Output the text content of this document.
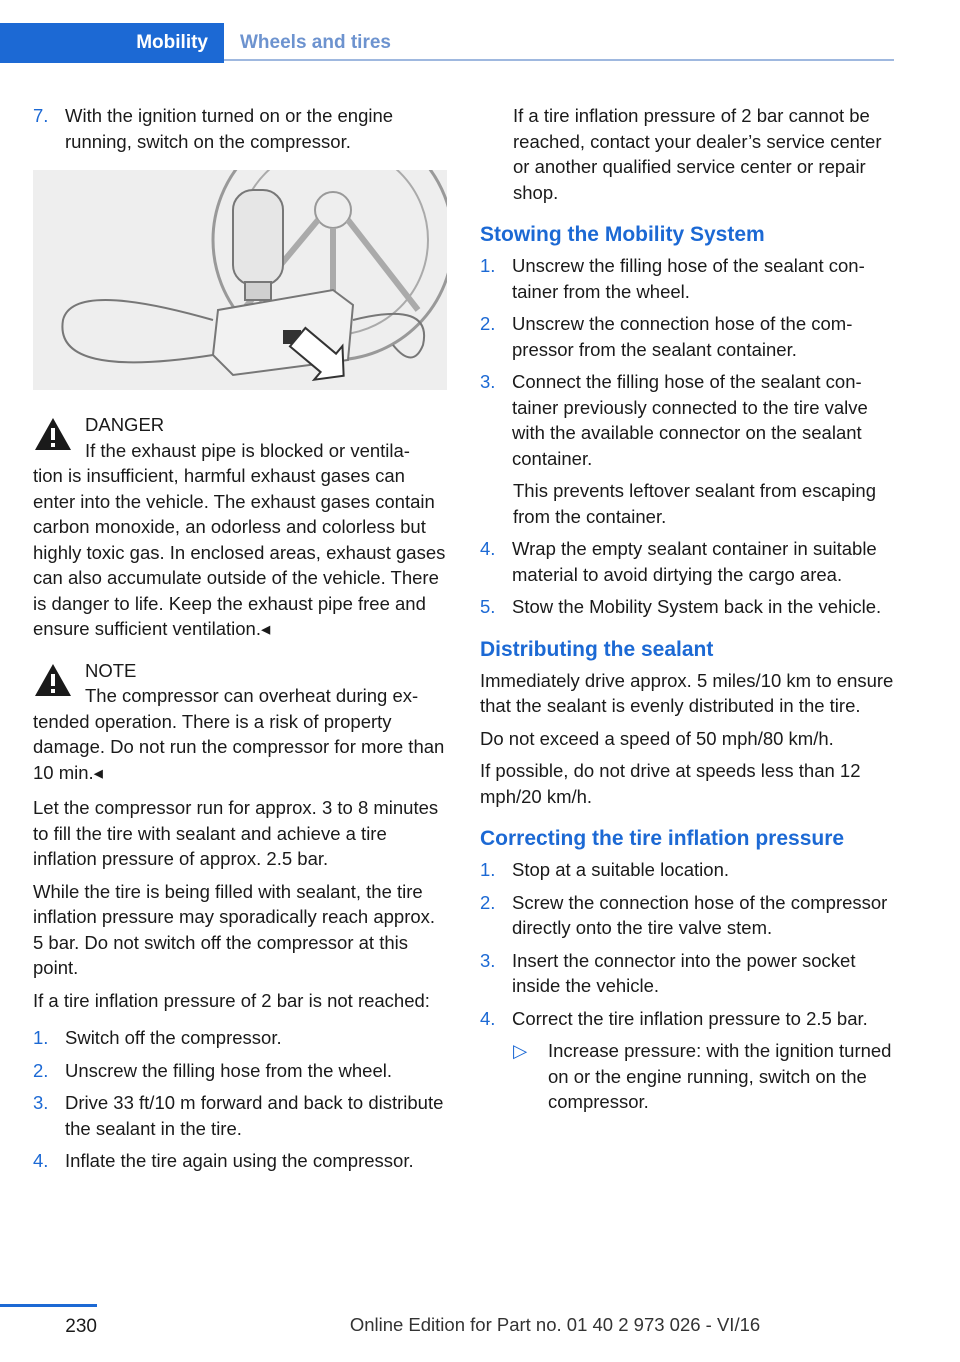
Mobility	Wheels and tires
7. With the ignition turned on or the engine running, switch on the compressor.
DANGER
If the exhaust pipe is blocked or ventila-
tion is insufficient, harmful exhaust gases can enter into the vehicle. The exhaust gases contain carbon monoxide, an odorless and colorless but highly toxic gas. In enclosed areas, exhaust gases can also accumulate outside of the vehicle. There is danger to life. Keep the exhaust pipe free and ensure sufficient ventilation.◂
NOTE
The compressor can overheat during ex-
tended operation. There is a risk of property damage. Do not run the compressor for more than 10 min.◂

Let the compressor run for approx. 3 to 8 minutes to fill the tire with sealant and achieve a tire inflation pressure of approx. 2.5 bar.

While the tire is being filled with sealant, the tire inflation pressure may sporadically reach approx. 5 bar. Do not switch off the compressor at this point.

If a tire inflation pressure of 2 bar is not reached:

1. Switch off the compressor.
2. Unscrew the filling hose from the wheel.
3. Drive 33 ft/10 m forward and back to distribute the sealant in the tire.
4. Inflate the tire again using the compressor.

If a tire inflation pressure of 2 bar cannot be reached, contact your dealer’s service center or another qualified service center or repair shop.

Stowing the Mobility System
1. Unscrew the filling hose of the sealant container from the wheel.
2. Unscrew the connection hose of the compressor from the sealant container.
3. Connect the filling hose of the sealant container previously connected to the tire valve with the available connector on the sealant container.

This prevents leftover sealant from escaping from the container.

4. Wrap the empty sealant container in suitable material to avoid dirtying the cargo area.
5. Stow the Mobility System back in the vehicle.
Distributing the sealant

Immediately drive approx. 5 miles/10 km to ensure that the sealant is evenly distributed in the tire.

Do not exceed a speed of 50 mph/80 km/h.

If possible, do not drive at speeds less than 12 mph/20 km/h.

Correcting the tire inflation pressure
1. Stop at a suitable location.
2. Screw the connection hose of the compressor directly onto the tire valve stem.
3. Insert the connector into the power socket inside the vehicle.
4. Correct the tire inflation pressure to 2.5 bar.
▷	Increase pressure: with the ignition turned on or the engine running, switch on the compressor.
230	Online Edition for Part no. 01 40 2 973 026 - VI/16
